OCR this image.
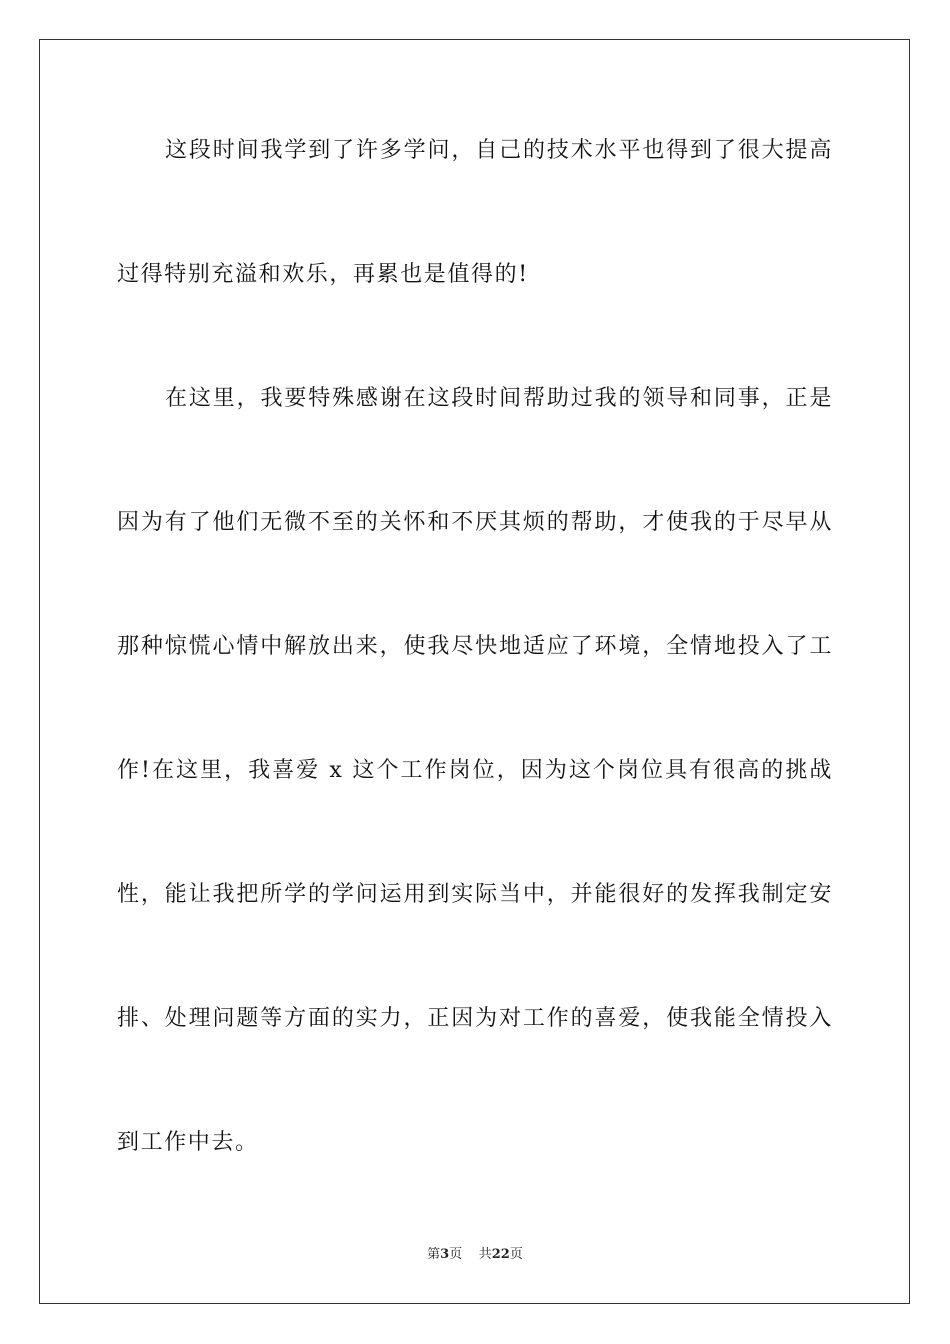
这段时间我学到了许多学问，自己的技术水平也得到了很大提高
过得特别充溢和欢乐，再累也是值得的!
在这里，我要特殊感谢在这段时间帮助过我的领导和同事，正是
因为有了他们无微不至的关怀和不厌其烦的帮助，才使我的于尽早从
那种惊慌心情中解放出来，使我尽快地适应了环境，全情地投入了工
作!在这里，我喜爱 x 这个工作岗位，因为这个岗位具有很高的挑战
性，能让我把所学的学问运用到实际当中，并能很好的发挥我制定安
排、处理问题等方面的实力，正因为对工作的喜爱，使我能全情投入
到工作中去。
第3页 共22页
